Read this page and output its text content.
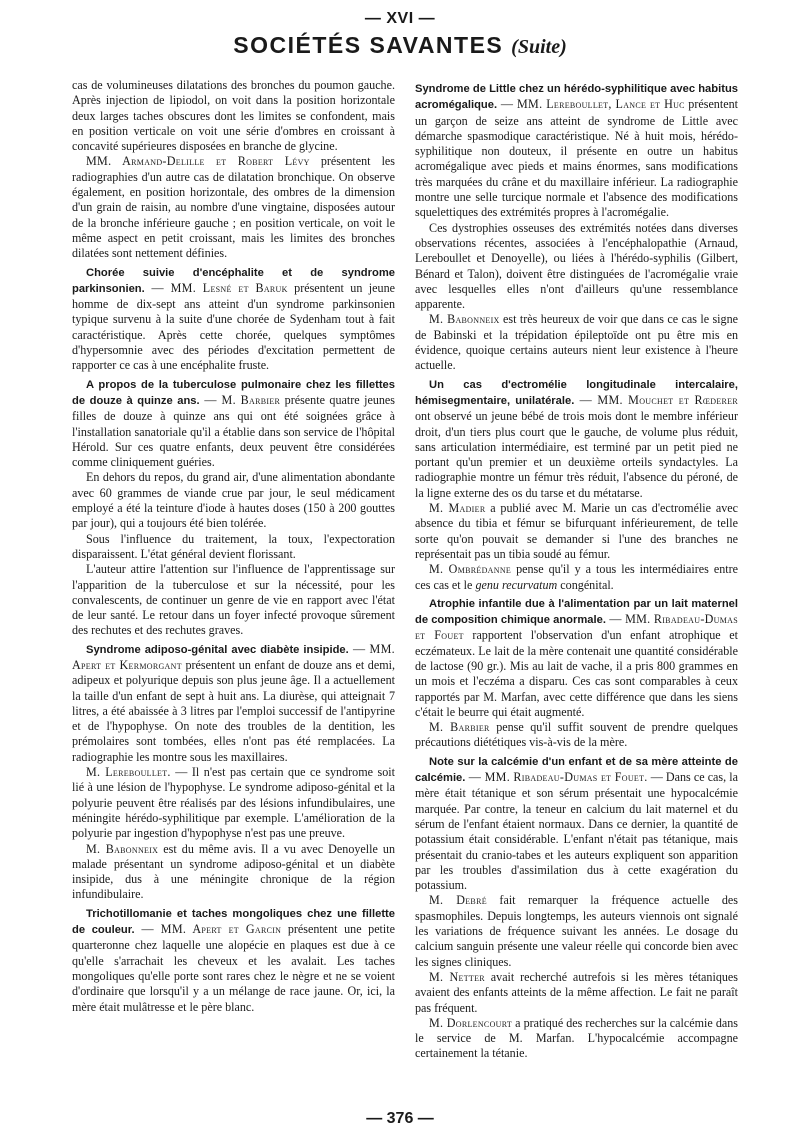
— XVI —
SOCIÉTÉS SAVANTES (Suite)

cas de volumineuses dilatations des bronches du poumon gauche. Après injection de lipiodol, on voit dans la position horizontale deux larges taches obscures dont les limites se confondent, mais en position verticale on voit une série d'ombres en croissant à concavité supérieures disposées en branche de glycine.

MM. Armand-Delille et Robert Lévy présentent les radiographies d'un autre cas de dilatation bronchique. On observe également, en position horizontale, des ombres de la dimension d'un grain de raisin, au nombre d'une vingtaine, disposées autour de la bronche inférieure gauche ; en position verticale, on voit le même aspect en petit croissant, mais les limites des bronches dilatées sont nettement définies.

Chorée suivie d'encéphalite et de syndrome parkinsonien. — MM. Lesné et Baruk présentent un jeune homme de dix-sept ans atteint d'un syndrome parkinsonien typique survenu à la suite d'une chorée de Sydenham tout à fait caractéristique. Après cette chorée, quelques symptômes d'hypersomnie avec des périodes d'excitation permettent de rapporter ce cas à une encéphalite fruste.

A propos de la tuberculose pulmonaire chez les fillettes de douze à quinze ans. — M. Barbier présente quatre jeunes filles de douze à quinze ans qui ont été soignées grâce à l'installation sanatoriale qu'il a établie dans son service de l'hôpital Hérold. Sur ces quatre enfants, deux peuvent être considérées comme cliniquement guéries.

En dehors du repos, du grand air, d'une alimentation abondante avec 60 grammes de viande crue par jour, le seul médicament employé a été la teinture d'iode à hautes doses (150 à 200 gouttes par jour), qui a toujours été bien tolérée.

Sous l'influence du traitement, la toux, l'expectoration disparaissent. L'état général devient florissant.

L'auteur attire l'attention sur l'influence de l'apprentissage sur l'apparition de la tuberculose et sur la nécessité, pour les convalescents, de continuer un genre de vie en rapport avec l'état de leur santé. Le retour dans un foyer infecté provoque sûrement des rechutes et des rechutes graves.

Syndrome adiposo-génital avec diabète insipide. — MM. Apert et Kermorgant présentent un enfant de douze ans et demi, adipeux et polyurique depuis son plus jeune âge. Il a actuellement la taille d'un enfant de sept à huit ans. La diurèse, qui atteignait 7 litres, a été abaissée à 3 litres par l'emploi successif de l'antipyrine et de l'hypophyse. On note des troubles de la dentition, les prémolaires sont tombées, elles n'ont pas été remplacées. La radiographie les montre sous les maxillaires.

M. Lereboullet. — Il n'est pas certain que ce syndrome soit lié à une lésion de l'hypophyse. Le syndrome adiposo-génital et la polyurie peuvent être réalisés par des lésions infundibulaires, une méningite hérédo-syphilitique par exemple. L'amélioration de la polyurie par ingestion d'hypophyse n'est pas une preuve.

M. Babonneix est du même avis. Il a vu avec Denoyelle un malade présentant un syndrome adiposo-génital et un diabète insipide, dus à une méningite chronique de la région infundibulaire.

Trichotillomanie et taches mongoliques chez une fillette de couleur. — MM. Apert et Garcin présentent une petite quarteronne chez laquelle une alopécie en plaques est due à ce qu'elle s'arrachait les cheveux et les avalait. Les taches mongoliques qu'elle porte sont rares chez le nègre et ne se voient d'ordinaire que lorsqu'il y a un mélange de race jaune. Or, ici, la mère était mulâtresse et le père blanc.

Syndrome de Little chez un hérédo-syphilitique avec habitus acromégalique. — MM. Lereboullet, Lance et Huc présentent un garçon de seize ans atteint de syndrome de Little avec démarche spasmodique caractéristique. Né à huit mois, hérédo-syphilitique non douteux, il présente en outre un habitus acromégalique avec pieds et mains énormes, sans modifications très marquées du crâne et du maxillaire inférieur. La radiographie montre une selle turcique normale et l'absence des modifications squelettiques des extrémités propres à l'acromégalie.

Ces dystrophies osseuses des extrémités notées dans diverses observations récentes, associées à l'encéphalopathie (Arnaud, Lereboullet et Denoyelle), ou liées à l'hérédo-syphilis (Gilbert, Bénard et Talon), doivent être distinguées de l'acromégalie vraie avec lesquelles elles n'ont d'ailleurs qu'une ressemblance apparente.

M. Babonneix est très heureux de voir que dans ce cas le signe de Babinski et la trépidation épileptoïde ont pu être mis en évidence, quoique certains auteurs nient leur existence à l'heure actuelle.

Un cas d'ectromélie longitudinale intercalaire, hémisegmentaire, unilatérale. — MM. Mouchet et Rœderer ont observé un jeune bébé de trois mois dont le membre inférieur droit, d'un tiers plus court que le gauche, de volume plus réduit, sans articulation intermédiaire, est terminé par un petit pied ne portant qu'un premier et un deuxième orteils syndactyles. La radiographie montre un fémur très réduit, l'absence du péroné, de la ligne externe des os du tarse et du métatarse.

M. Madier a publié avec M. Marie un cas d'ectromélie avec absence du tibia et fémur se bifurquant inférieurement, de telle sorte qu'on pouvait se demander si l'une des branches ne représentait pas un tibia soudé au fémur.

M. Ombrédanne pense qu'il y a tous les intermédiaires entre ces cas et le genu recurvatum congénital.

Atrophie infantile due à l'alimentation par un lait maternel de composition chimique anormale. — MM. Ribadeau-Dumas et Fouet rapportent l'observation d'un enfant atrophique et eczémateux. Le lait de la mère contenait une quantité considérable de lactose (90 gr.). Mis au lait de vache, il a pris 800 grammes en un mois et l'eczéma a disparu. Ces cas sont comparables à ceux rapportés par M. Marfan, avec cette différence que dans les siens c'était le beurre qui était augmenté.

M. Barbier pense qu'il suffit souvent de prendre quelques précautions diététiques vis-à-vis de la mère.

Note sur la calcémie d'un enfant et de sa mère atteinte de calcémie. — MM. Ribadeau-Dumas et Fouet. — Dans ce cas, la mère était tétanique et son sérum présentait une hypocalcémie marquée. Par contre, la teneur en calcium du lait maternel et du sérum de l'enfant étaient normaux. Dans ce dernier, la quantité de potassium était considérable. L'enfant n'était pas tétanique, mais présentait du cranio-tabes et les auteurs expliquent son apparition par les troubles d'assimilation dus à cette exagération du potassium.

M. Debré fait remarquer la fréquence actuelle des spasmophiles. Depuis longtemps, les auteurs viennois ont signalé les variations de fréquence suivant les années. Le dosage du calcium sanguin présente une valeur réelle qui concorde bien avec les signes cliniques.

M. Netter avait recherché autrefois si les mères tétaniques avaient des enfants atteints de la même affection. Le fait ne paraît pas fréquent.

M. Dorlencourt a pratiqué des recherches sur la calcémie dans le service de M. Marfan. L'hypocalcémie accompagne certainement la tétanie.

— 376 —
